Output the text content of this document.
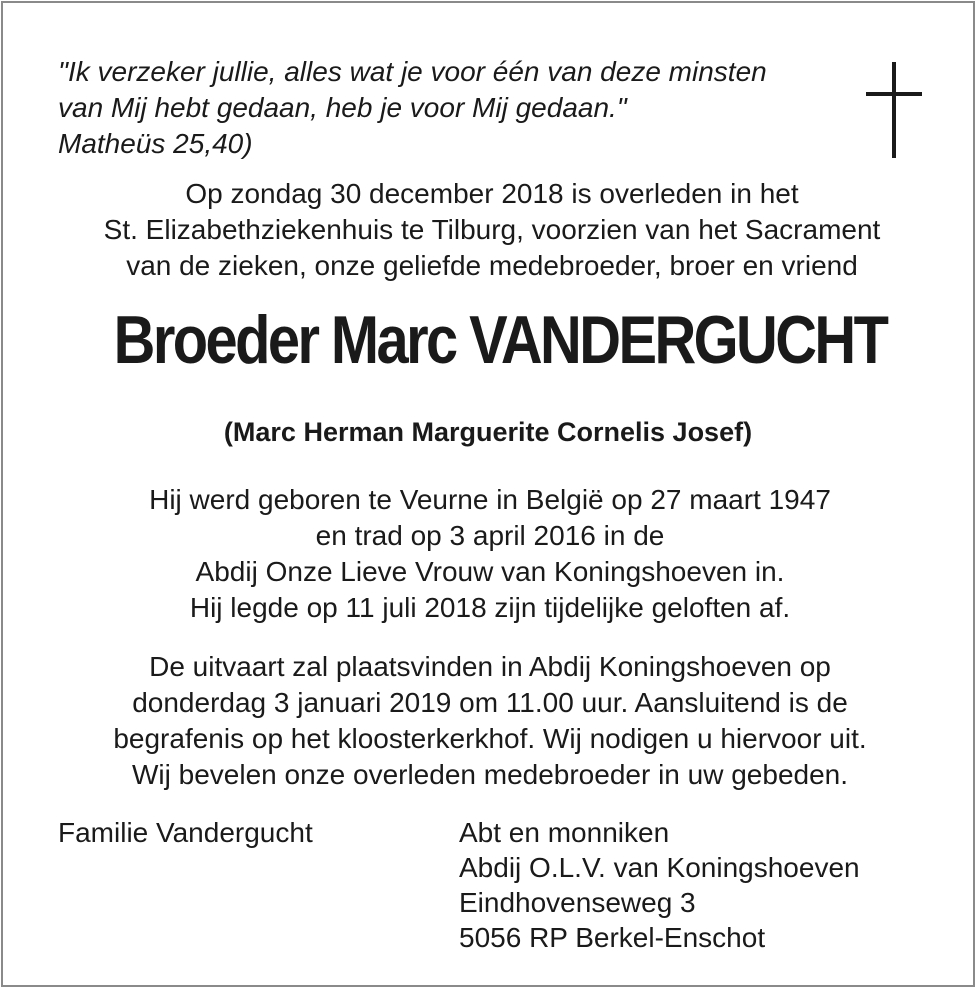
"Ik verzeker jullie, alles wat je voor één van deze minsten
van Mij hebt gedaan, heb je voor Mij gedaan."
Matheüs 25,40)
Op zondag 30 december 2018 is overleden in het
St. Elizabethziekenhuis te Tilburg, voorzien van het Sacrament
van de zieken, onze geliefde medebroeder, broer en vriend
Broeder Marc VANDERGUCHT
(Marc Herman Marguerite Cornelis Josef)
Hij werd geboren te Veurne in België op 27 maart 1947
en trad op 3 april 2016 in de
Abdij Onze Lieve Vrouw van Koningshoeven in.
Hij legde op 11 juli 2018 zijn tijdelijke geloften af.
De uitvaart zal plaatsvinden in Abdij Koningshoeven op
donderdag 3 januari 2019 om 11.00 uur. Aansluitend is de
begrafenis op het kloosterkerkhof. Wij nodigen u hiervoor uit.
Wij bevelen onze overleden medebroeder in uw gebeden.
Familie Vandergucht	Abt en monniken
Abdij O.L.V. van Koningshoeven
Eindhovenseweg 3
5056 RP Berkel-Enschot
